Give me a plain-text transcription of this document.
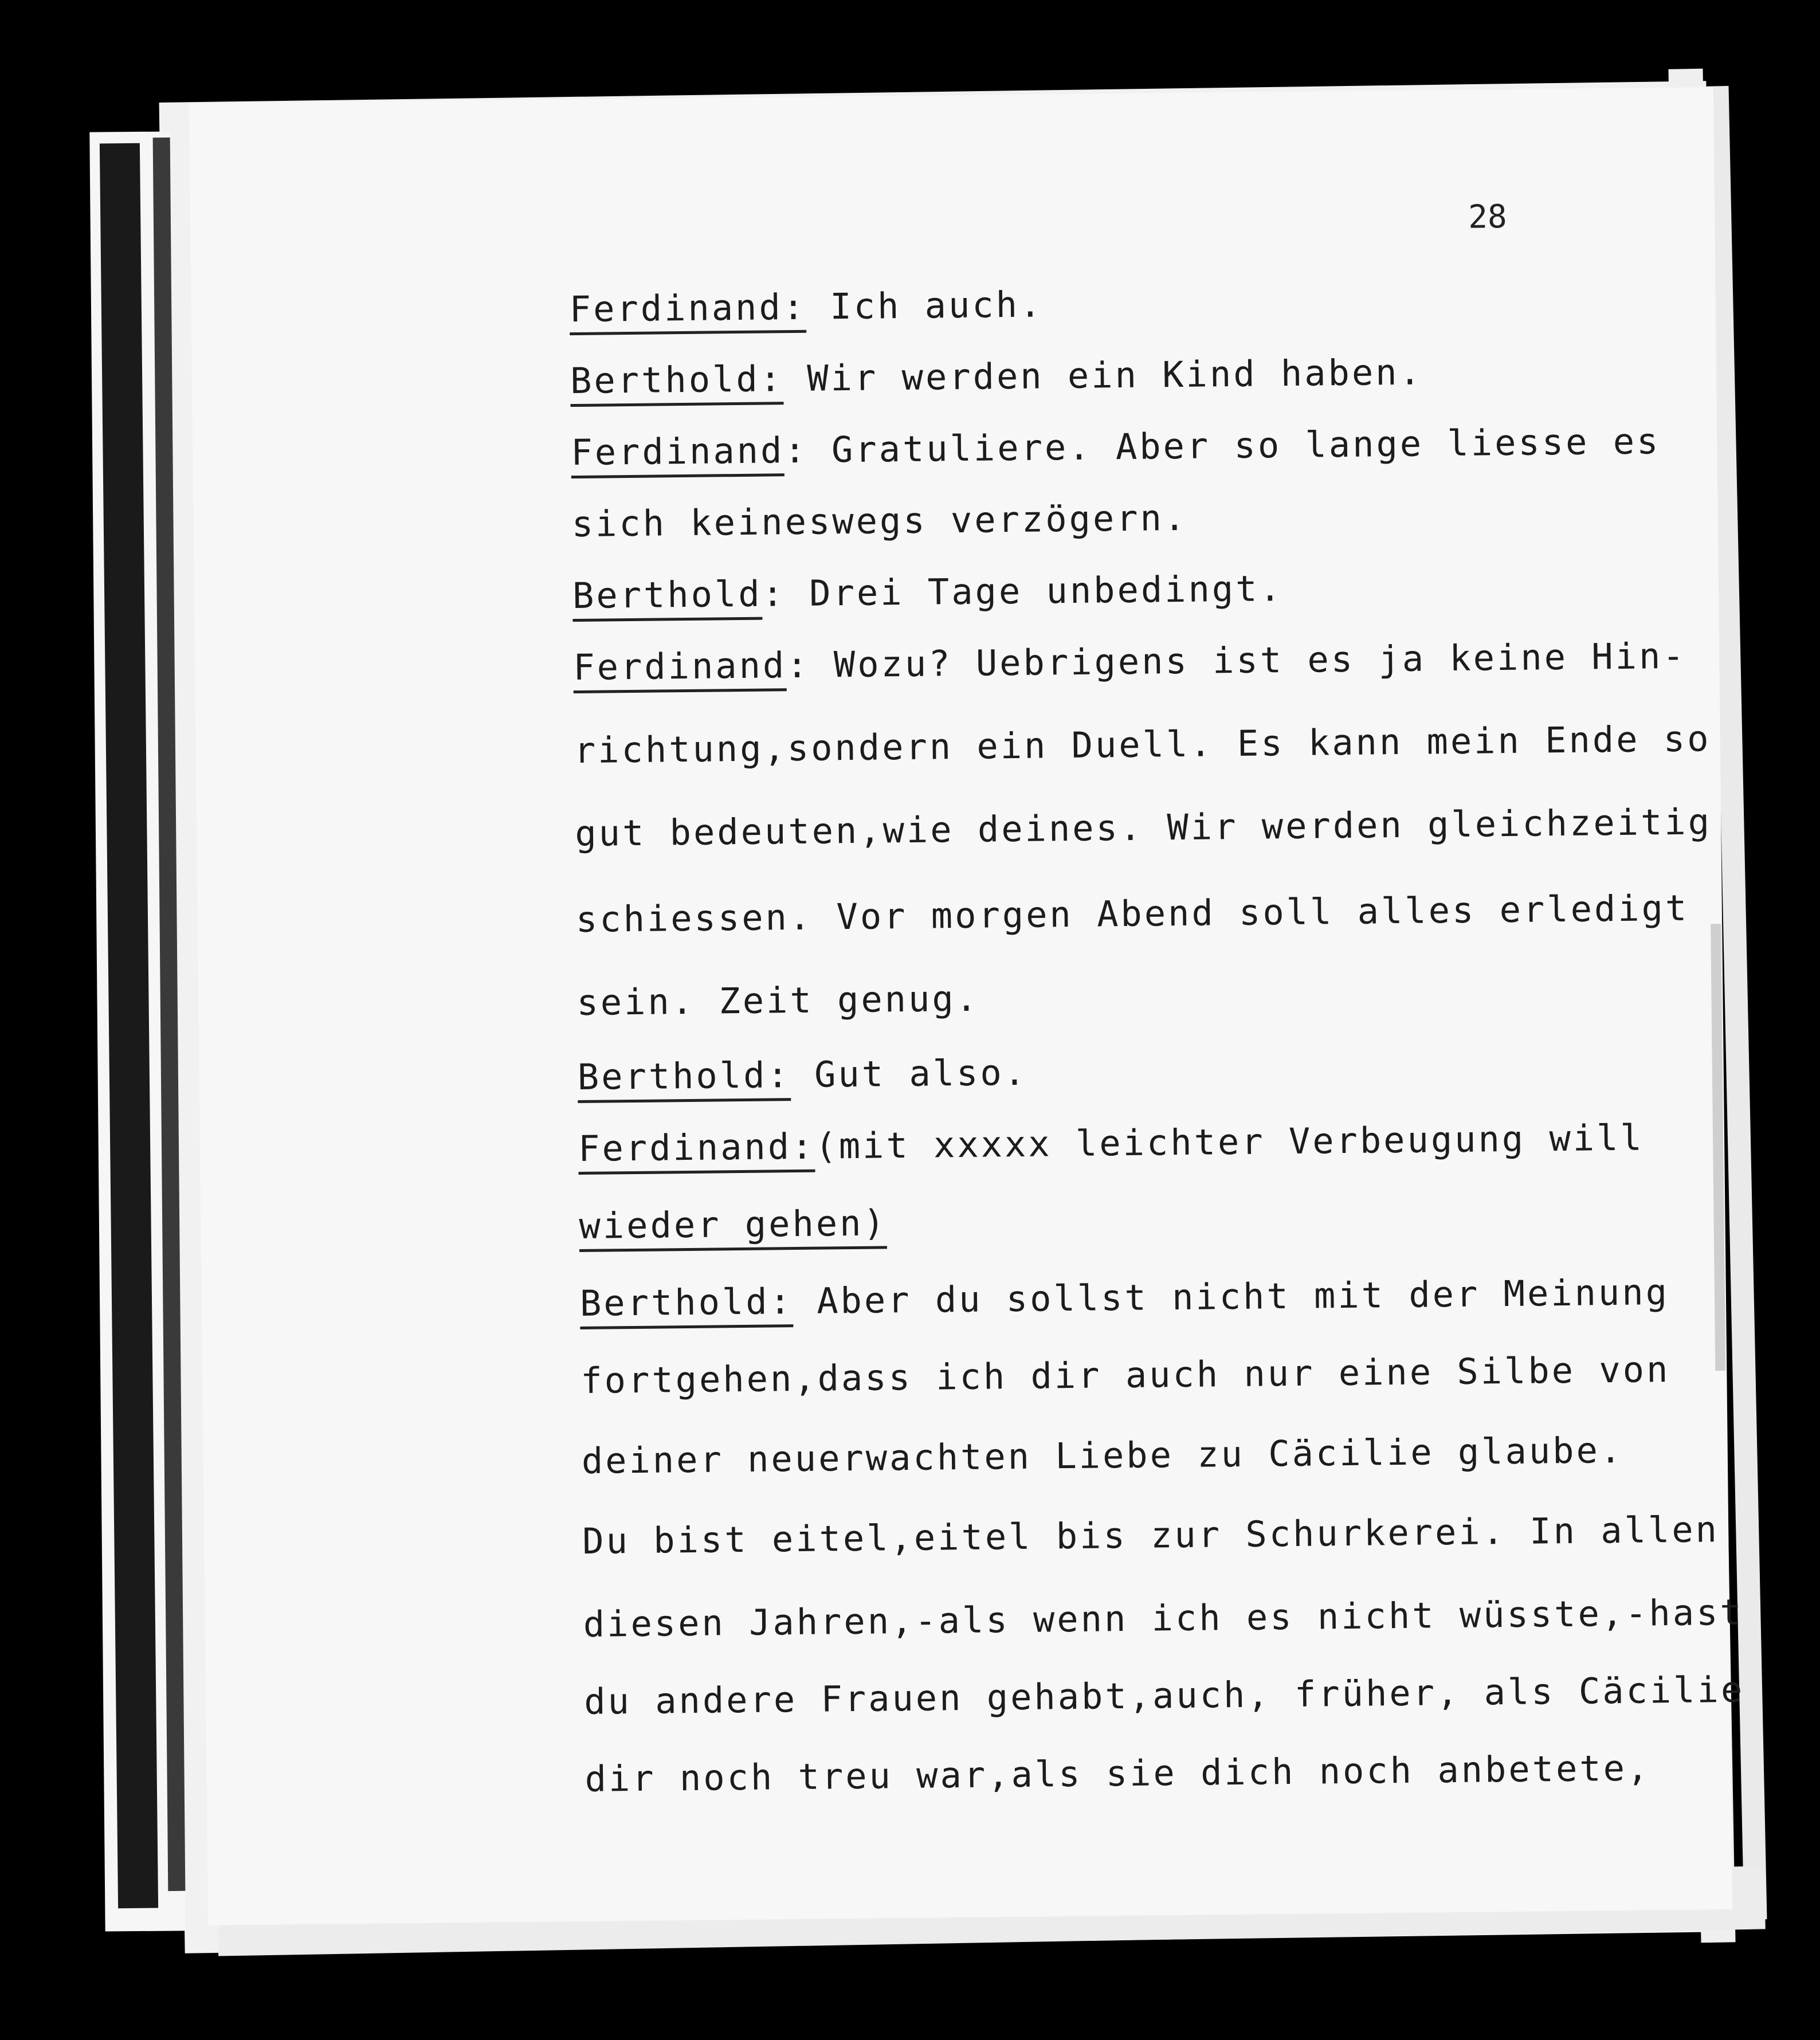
28
Ferdinand: Ich auch.
Berthold: Wir werden ein Kind haben.
Ferdinand: Gratuliere. Aber so lange liesse es
sich keineswegs verzögern.
Berthold: Drei Tage unbedingt.
Ferdinand: Wozu? Uebrigens ist es ja keine Hin-
richtung,sondern ein Duell. Es kann mein Ende so
gut bedeuten,wie deines. Wir werden gleichzeitig
schiessen. Vor morgen Abend soll alles erledigt
sein. Zeit genug.
Berthold: Gut also.
Ferdinand:(mit xxxxx leichter Verbeugung will
wieder gehen)
Berthold: Aber du sollst nicht mit der Meinung
fortgehen,dass ich dir auch nur eine Silbe von
deiner neuerwachten Liebe zu Cäcilie glaube.
Du bist eitel,eitel bis zur Schurkerei. In allen
diesen Jahren,-als wenn ich es nicht wüsste,-hast
du andere Frauen gehabt,auch, früher, als Cäcilie
dir noch treu war,als sie dich noch anbetete,
